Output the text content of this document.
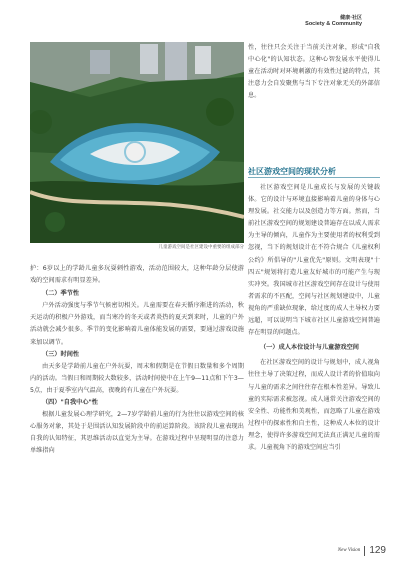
健康·社区
Society & Community
儿童游戏空间是社区建设中重要的组成部分

护：6岁以上的学龄儿童多玩耍刺性游戏，活动范围较大，这种年龄分层使游戏的空间需求有明显差异。

（二）季节性

户外活动强度与季节气候密切相关。儿童需要在春天循序渐进的活动，秋天运动的积极户外游戏，而当寒冷的冬天或者炎热的夏天到来时，儿童的户外活动就会减少很多。季节的变化影响着儿童体能发展的需要，要通过游戏设施来加以调节。

（三）时间性

由天多是学龄前儿童在户外玩耍，周末和假期是在节假日数量和多个周期内的活动。当假日和周期较大数较多，活动时间使中在上午9—11点和下午3—5点，由于夏季室内气温高，夜晚的有儿童在户外玩耍。

（四）"自我中心"性

根据儿童发展心理学研究，2—7岁学龄前儿童的行为往往以游戏空间的核心服务对象，其处于是围活认知发展阶段中的前运算阶段。该阶段儿童表现出自我的认知特征，其思维活动以直觉为主导。在游戏过程中呈现明显的注意力单维指向

性，往往只会关注于当前关注对象，形成"自我中心化"的认知状态。这种心智发展水平使得儿童在活动时对环境刺激的有效性过滤的特点，其注意力会自发聚焦与当下专注对象无关的外部信息。

社区游戏空间的现状分析

社区游戏空间是儿童成长与发展的关键载体。它的设计与环境直接影响着儿童的身体与心理发展。社交能力以及创造力等方面。然而，当前社区游戏空间的规划建设普遍存在以成人需求为主导的倾向，儿童作为主要使用者的权利受到忽视，当下的规划设计在不符合规合《儿童权利公约》所倡导的"儿童优先"原则。文明表现"十四五"规划将打造儿童友好城市的可能产生与现实冲突。我国城市社区游戏空间存在设计与使用者需求的不匹配，空间与社区规划建设中，儿童视角的严重缺位现象，给过度的成人主导权力要远超，可以说明当下城市社区儿童游戏空间普遍存在明显的问题点。

（一）成人本位设计与儿童游戏空间

在社区游戏空间的设计与规划中，成人视角往往主导了决策过程，而成人设计者的价值取向与儿童的需求之间往往存在根本性差异。导致儿童的实际需求被忽视。成人通常关注游戏空间的安全性、功能性和美观性，而忽略了儿童在游戏过程中的探索性和自主性，这种成人本位的设计理念，使得许多游戏空间无法真正满足儿童的需求。儿童视角下的游戏空间应当引

New Vision 129
